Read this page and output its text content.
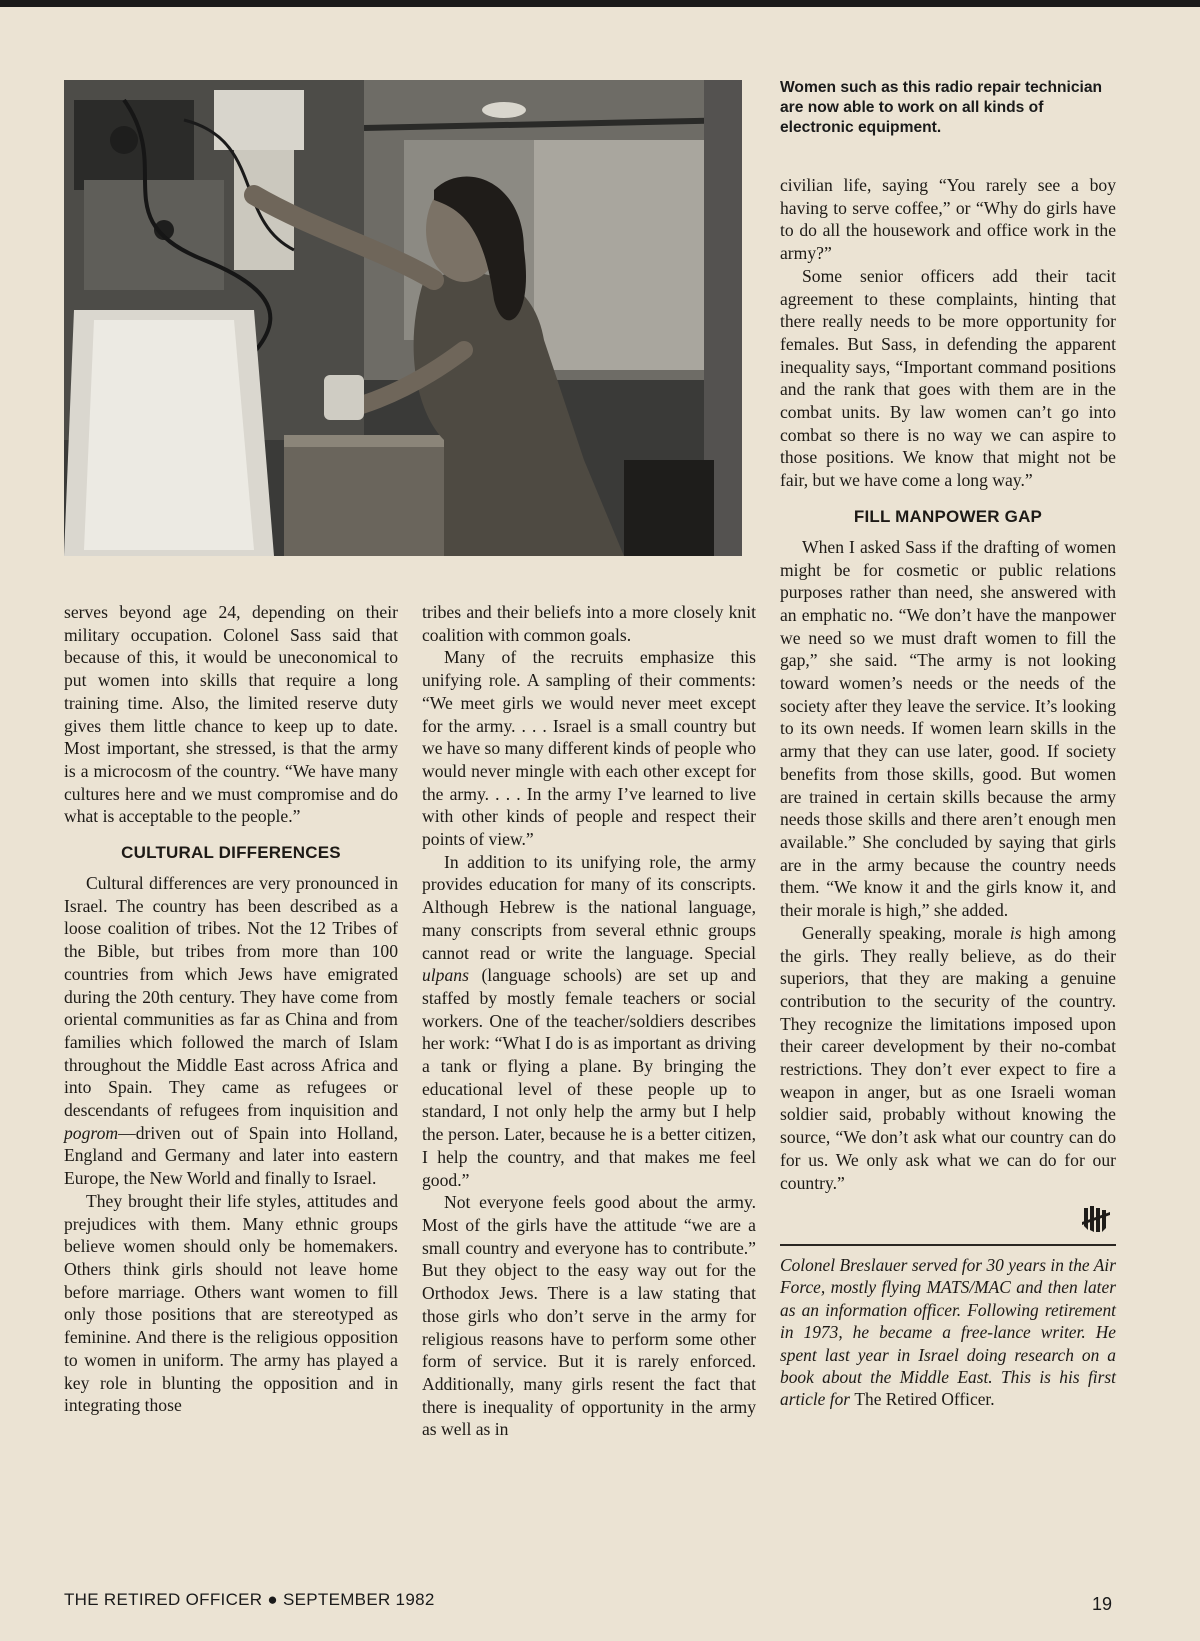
Women such as this radio repair technician are now able to work on all kinds of electronic equipment.

serves beyond age 24, depending on their military occupation. Colonel Sass said that because of this, it would be uneconomical to put women into skills that require a long training time. Also, the limited reserve duty gives them little chance to keep up to date. Most important, she stressed, is that the army is a microcosm of the country. “We have many cultures here and we must compromise and do what is acceptable to the people.”

CULTURAL DIFFERENCES

Cultural differences are very pronounced in Israel. The country has been described as a loose coalition of tribes. Not the 12 Tribes of the Bible, but tribes from more than 100 countries from which Jews have emigrated during the 20th century. They have come from oriental communities as far as China and from families which followed the march of Islam throughout the Middle East across Africa and into Spain. They came as refugees or descendants of refugees from inquisition and pogrom—driven out of Spain into Holland, England and Germany and later into eastern Europe, the New World and finally to Israel.

They brought their life styles, attitudes and prejudices with them. Many ethnic groups believe women should only be homemakers. Others think girls should not leave home before marriage. Others want women to fill only those positions that are stereotyped as feminine. And there is the religious opposition to women in uniform. The army has played a key role in blunting the opposition and in integrating those

tribes and their beliefs into a more closely knit coalition with common goals.

Many of the recruits emphasize this unifying role. A sampling of their comments: “We meet girls we would never meet except for the army. . . . Israel is a small country but we have so many different kinds of people who would never mingle with each other except for the army. . . . In the army I’ve learned to live with other kinds of people and respect their points of view.”

In addition to its unifying role, the army provides education for many of its conscripts. Although Hebrew is the national language, many conscripts from several ethnic groups cannot read or write the language. Special ulpans (language schools) are set up and staffed by mostly female teachers or social workers. One of the teacher/soldiers describes her work: “What I do is as important as driving a tank or flying a plane. By bringing the educational level of these people up to standard, I not only help the army but I help the person. Later, because he is a better citizen, I help the country, and that makes me feel good.”

Not everyone feels good about the army. Most of the girls have the attitude “we are a small country and everyone has to contribute.” But they object to the easy way out for the Orthodox Jews. There is a law stating that those girls who don’t serve in the army for religious reasons have to perform some other form of service. But it is rarely enforced. Additionally, many girls resent the fact that there is inequality of opportunity in the army as well as in

civilian life, saying “You rarely see a boy having to serve coffee,” or “Why do girls have to do all the housework and office work in the army?”

Some senior officers add their tacit agreement to these complaints, hinting that there really needs to be more opportunity for females. But Sass, in defending the apparent inequality says, “Important command positions and the rank that goes with them are in the combat units. By law women can’t go into combat so there is no way we can aspire to those positions. We know that might not be fair, but we have come a long way.”

FILL MANPOWER GAP

When I asked Sass if the drafting of women might be for cosmetic or public relations purposes rather than need, she answered with an emphatic no. “We don’t have the manpower we need so we must draft women to fill the gap,” she said. “The army is not looking toward women’s needs or the needs of the society after they leave the service. It’s looking to its own needs. If women learn skills in the army that they can use later, good. If society benefits from those skills, good. But women are trained in certain skills because the army needs those skills and there aren’t enough men available.” She concluded by saying that girls are in the army because the country needs them. “We know it and the girls know it, and their morale is high,” she added.

Generally speaking, morale is high among the girls. They really believe, as do their superiors, that they are making a genuine contribution to the security of the country. They recognize the limitations imposed upon their career development by their no-combat restrictions. They don’t ever expect to fire a weapon in anger, but as one Israeli woman soldier said, probably without knowing the source, “We don’t ask what our country can do for us. We only ask what we can do for our country.”

Colonel Breslauer served for 30 years in the Air Force, mostly flying MATS/MAC and then later as an information officer. Following retirement in 1973, he became a free-lance writer. He spent last year in Israel doing research on a book about the Middle East. This is his first article for The Retired Officer.

THE RETIRED OFFICER ● SEPTEMBER 1982	19
